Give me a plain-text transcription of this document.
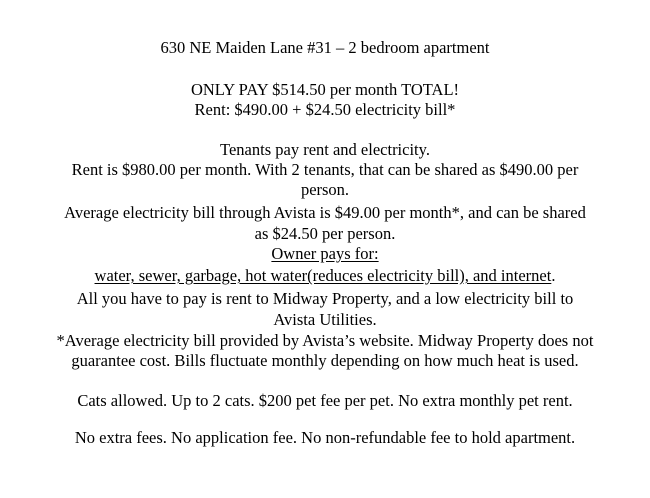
630 NE Maiden Lane #31 – 2 bedroom apartment
ONLY PAY $514.50 per month TOTAL!
Rent: $490.00 + $24.50 electricity bill*
Tenants pay rent and electricity.
Rent is $980.00 per month. With 2 tenants, that can be shared as $490.00 per
person.
Average electricity bill through Avista is $49.00 per month*, and can be shared
as $24.50 per person.
Owner pays for:
water, sewer, garbage, hot water(reduces electricity bill), and internet.
All you have to pay is rent to Midway Property, and a low electricity bill to
Avista Utilities.
*Average electricity bill provided by Avista’s website. Midway Property does not
guarantee cost. Bills fluctuate monthly depending on how much heat is used.
Cats allowed. Up to 2 cats. $200 pet fee per pet. No extra monthly pet rent.
No extra fees. No application fee. No non-refundable fee to hold apartment.
